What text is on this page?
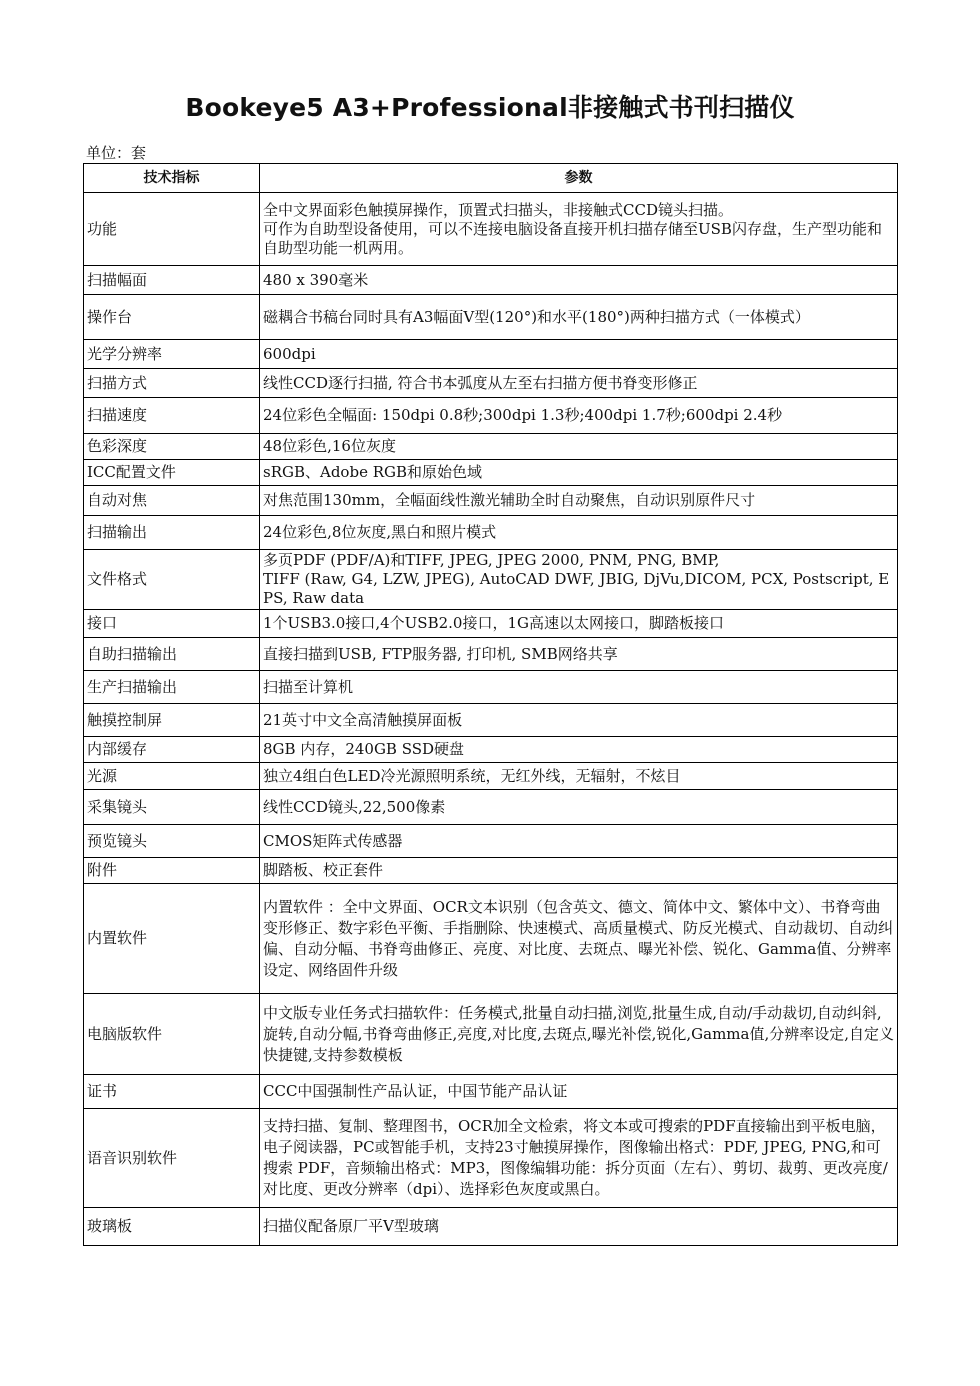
Bookeye5 A3+Professional非接触式书刊扫描仪
单位：套
技术指标	参数
功能	全中文界面彩色触摸屏操作，顶置式扫描头，非接触式CCD镜头扫描。
可作为自助型设备使用，可以不连接电脑设备直接开机扫描存储至USB闪存盘，生产型功能和自助型功能一机两用。
扫描幅面	480 x 390毫米
操作台	磁耦合书稿台同时具有A3幅面V型(120°)和水平(180°)两种扫描方式（一体模式）
光学分辨率	600dpi
扫描方式	线性CCD逐行扫描, 符合书本弧度从左至右扫描方便书脊变形修正
扫描速度	24位彩色全幅面: 150dpi 0.8秒;300dpi 1.3秒;400dpi 1.7秒;600dpi 2.4秒
色彩深度	48位彩色,16位灰度
ICC配置文件	sRGB、Adobe RGB和原始色域
自动对焦	对焦范围130mm，全幅面线性激光辅助全时自动聚焦，自动识别原件尺寸
扫描输出	24位彩色,8位灰度,黑白和照片模式
文件格式	多页PDF (PDF/A)和TIFF, JPEG, JPEG 2000, PNM, PNG, BMP,
TIFF (Raw, G4, LZW, JPEG), AutoCAD DWF, JBIG, DjVu,DICOM, PCX, Postscript, EPS, Raw data
接口	1个USB3.0接口,4个USB2.0接口，1G高速以太网接口，脚踏板接口
自助扫描输出	直接扫描到USB, FTP服务器, 打印机, SMB网络共享
生产扫描输出	扫描至计算机
触摸控制屏	21英寸中文全高清触摸屏面板
内部缓存	8GB 内存，240GB SSD硬盘
光源	独立4组白色LED冷光源照明系统，无红外线，无辐射，不炫目
采集镜头	线性CCD镜头,22,500像素
预览镜头	CMOS矩阵式传感器
附件	脚踏板、校正套件
内置软件	内置软件 ：全中文界面、OCR文本识别（包含英文、德文、简体中文、繁体中文）、书脊弯曲变形修正、数字彩色平衡、手指删除、快速模式、高质量模式、防反光模式、自动裁切、自动纠偏、自动分幅、书脊弯曲修正、亮度、对比度、去斑点、曝光补偿、锐化、Gamma值、分辨率设定、网络固件升级
电脑版软件	中文版专业任务式扫描软件：任务模式,批量自动扫描,浏览,批量生成,自动/手动裁切,自动纠斜,旋转,自动分幅,书脊弯曲修正,亮度,对比度,去斑点,曝光补偿,锐化,Gamma值,分辨率设定,自定义快捷键,支持参数模板
证书	CCC中国强制性产品认证，中国节能产品认证
语音识别软件	支持扫描、复制、整理图书，OCR加全文检索，将文本或可搜索的PDF直接输出到平板电脑，电子阅读器，PC或智能手机，支持23寸触摸屏操作，图像输出格式：PDF, JPEG, PNG,和可搜索 PDF，音频输出格式：MP3，图像编辑功能：拆分页面（左右）、剪切、裁剪、更改亮度/对比度、更改分辨率（dpi）、选择彩色灰度或黑白。
玻璃板	扫描仪配备原厂平V型玻璃
